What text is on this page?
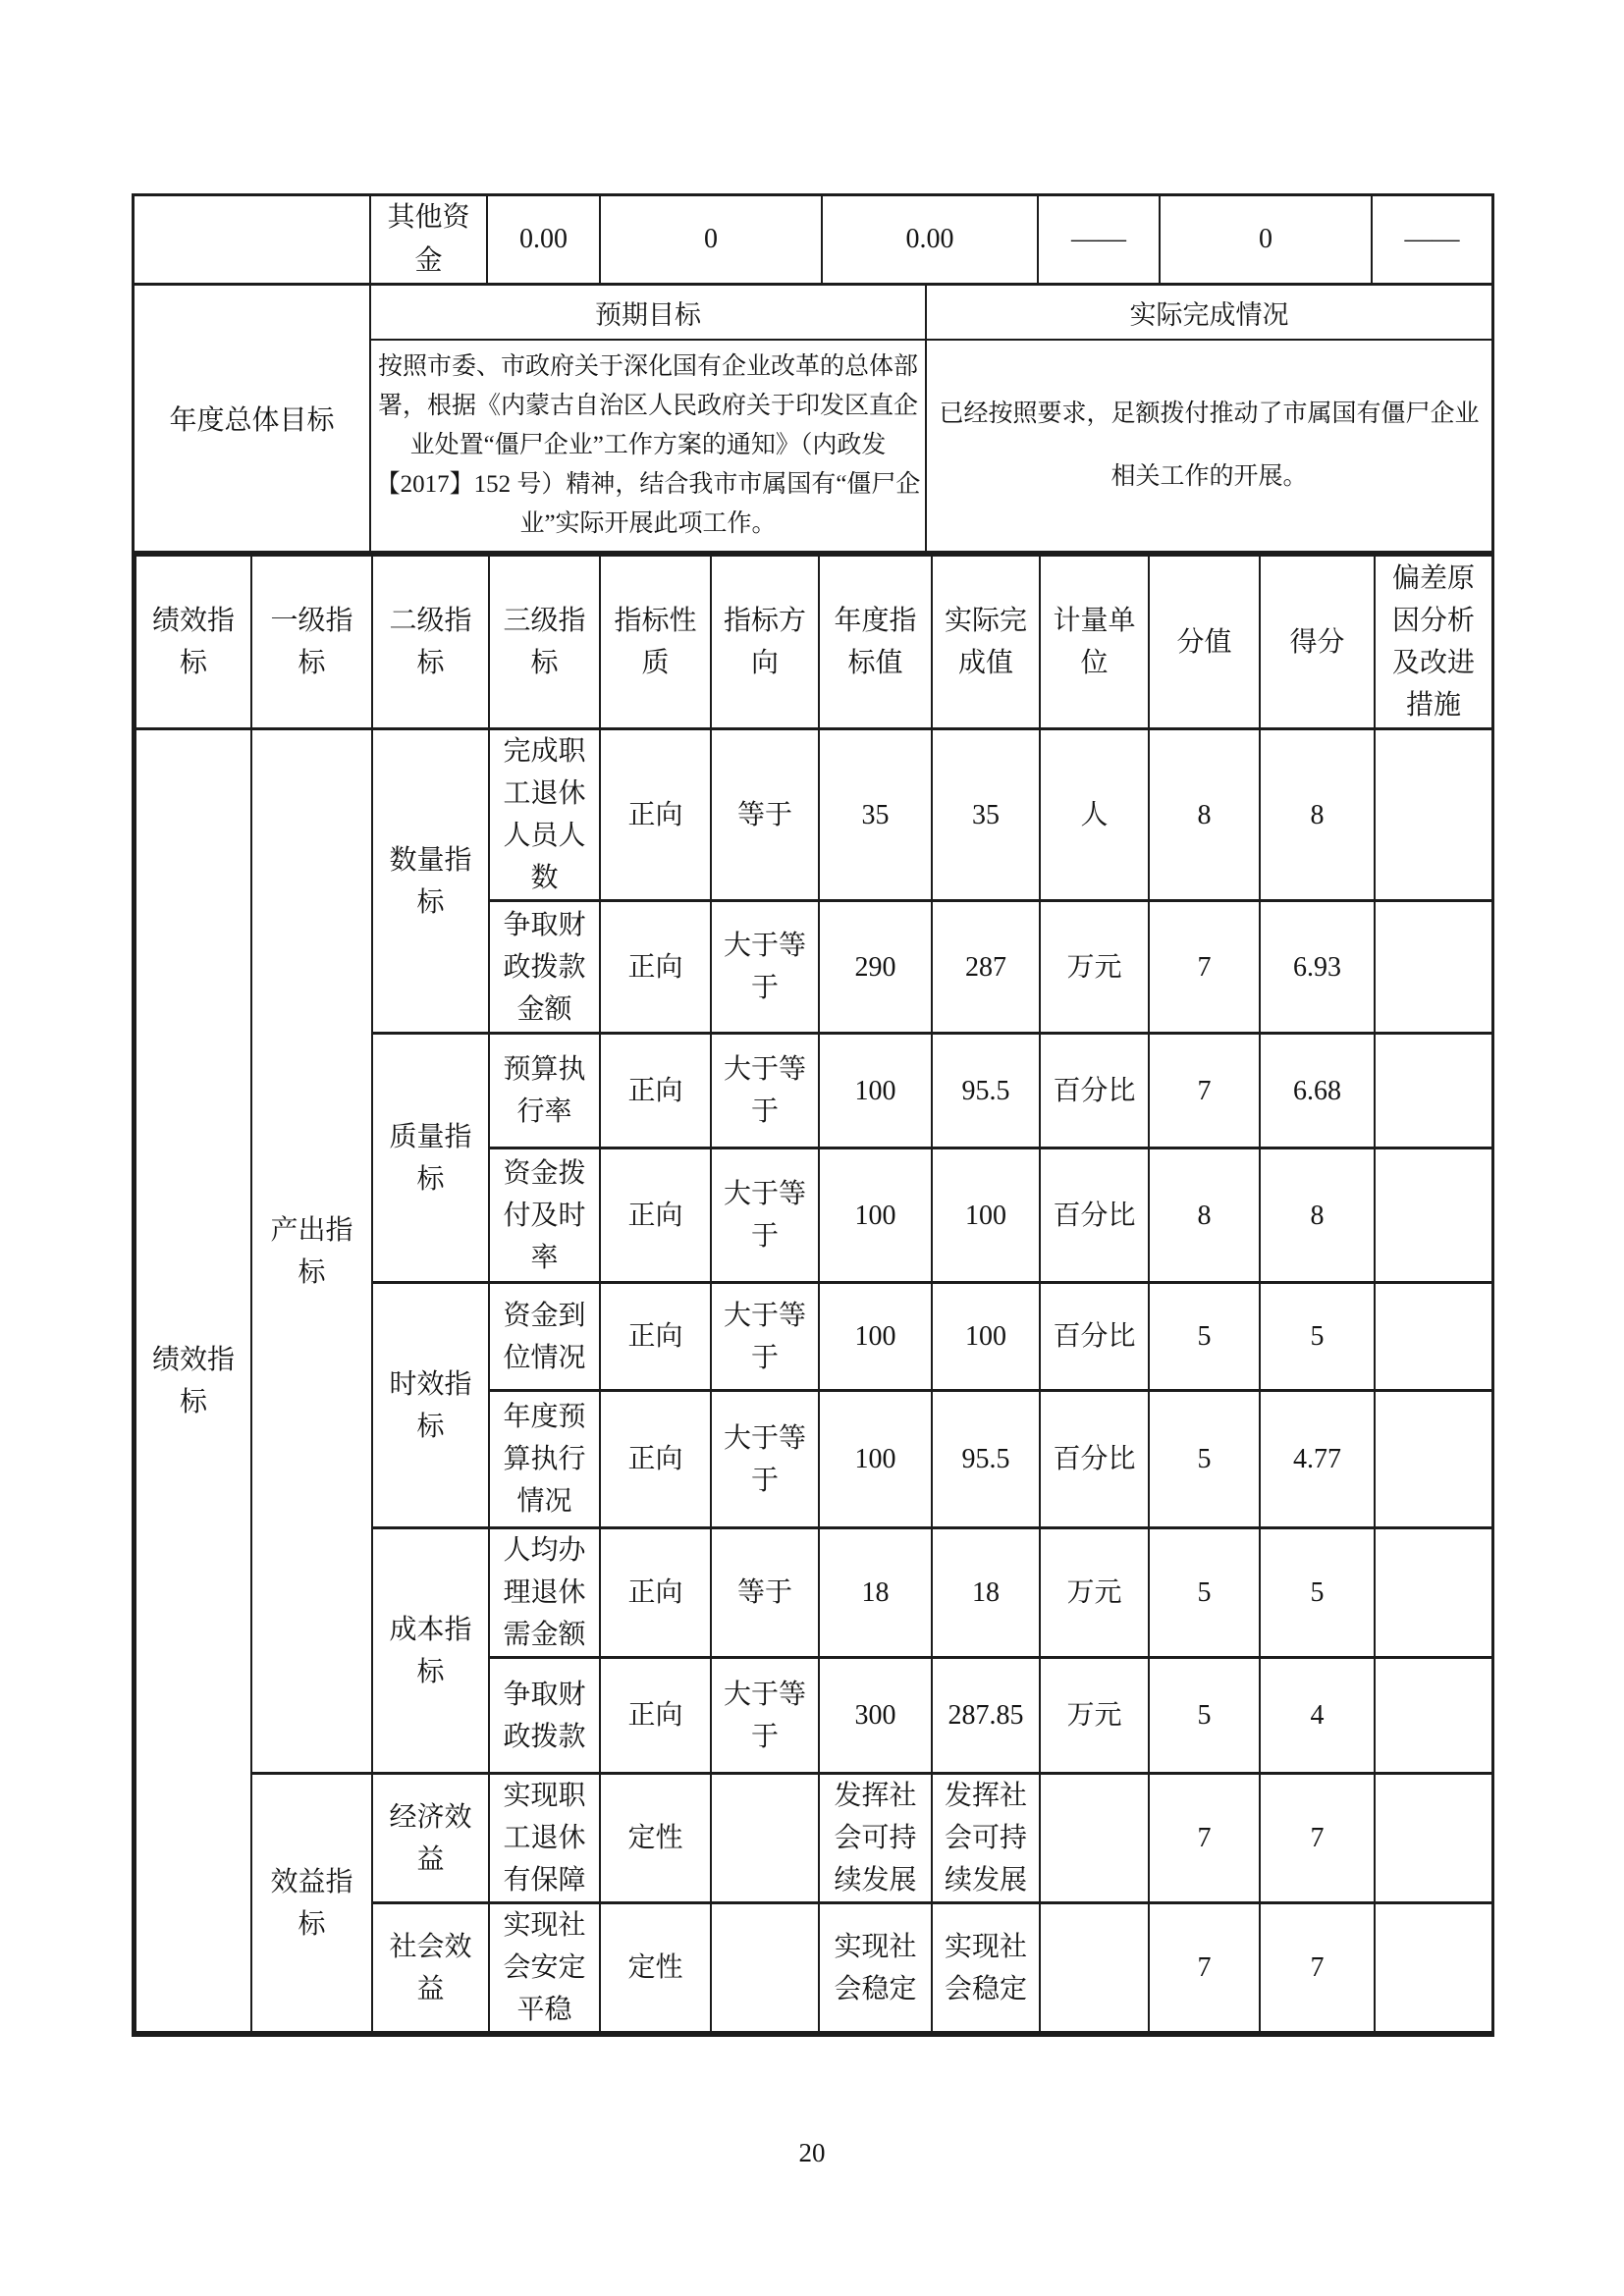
其他资金
0.00	0	0.00	——	0	——
年度总体目标
预期目标	实际完成情况
按照市委、市政府关于深化国有企业改革的总体部署，根据《内蒙古自治区人民政府关于印发区直企业处置“僵尸企业”工作方案的通知》（内政发【2017】152 号）精神，结合我市市属国有“僵尸企业”实际开展此项工作。
已经按照要求，足额拨付推动了市属国有僵尸企业相关工作的开展。
绩效指标	一级指标	二级指标	三级指标	指标性质	指标方向	年度指标值	实际完成值	计量单位	分值	得分	偏差原因分析及改进措施
绩效指标	产出指标	数量指标	完成职工退休人员人数	正向	等于	35	35	人	8	8	
			争取财政拨款金额	正向	大于等于	290	287	万元	7	6.93	
		质量指标	预算执行率	正向	大于等于	100	95.5	百分比	7	6.68	
			资金拨付及时率	正向	大于等于	100	100	百分比	8	8	
		时效指标	资金到位情况	正向	大于等于	100	100	百分比	5	5	
			年度预算执行情况	正向	大于等于	100	95.5	百分比	5	4.77	
		成本指标	人均办理退休需金额	正向	等于	18	18	万元	5	5	
			争取财政拨款	正向	大于等于	300	287.85	万元	5	4	
	效益指标	经济效益	实现职工退休有保障	定性		发挥社会可持续发展	发挥社会可持续发展		7	7	
		社会效益	实现社会安定平稳	定性		实现社会稳定	实现社会稳定		7	7	
20
